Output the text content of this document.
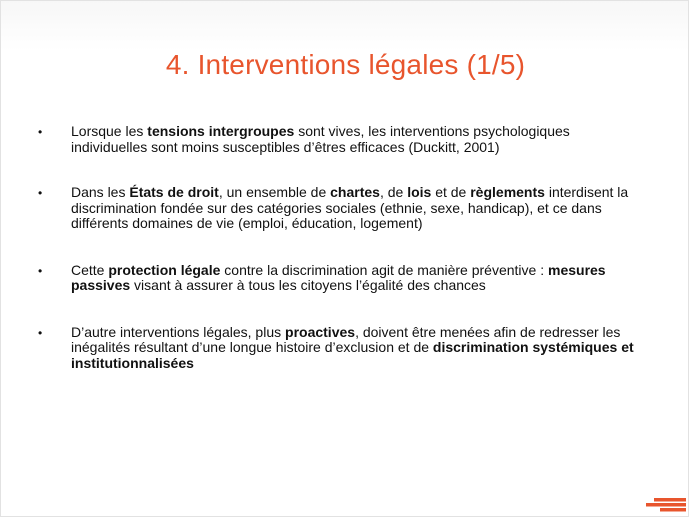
4. Interventions légales (1/5)
• Lorsque les tensions intergroupes sont vives, les interventions psychologiques individuelles sont moins susceptibles d’êtres efficaces (Duckitt, 2001)
• Dans les États de droit, un ensemble de chartes, de lois et de règlements interdisent la discrimination fondée sur des catégories sociales (ethnie, sexe, handicap), et ce dans différents domaines de vie (emploi, éducation, logement)
• Cette protection légale contre la discrimination agit de manière préventive : mesures passives visant à assurer à tous les citoyens l’égalité des chances
• D’autre interventions légales, plus proactives, doivent être menées afin de redresser les inégalités résultant d’une longue histoire d’exclusion et de discrimination systémiques et institutionnalisées
